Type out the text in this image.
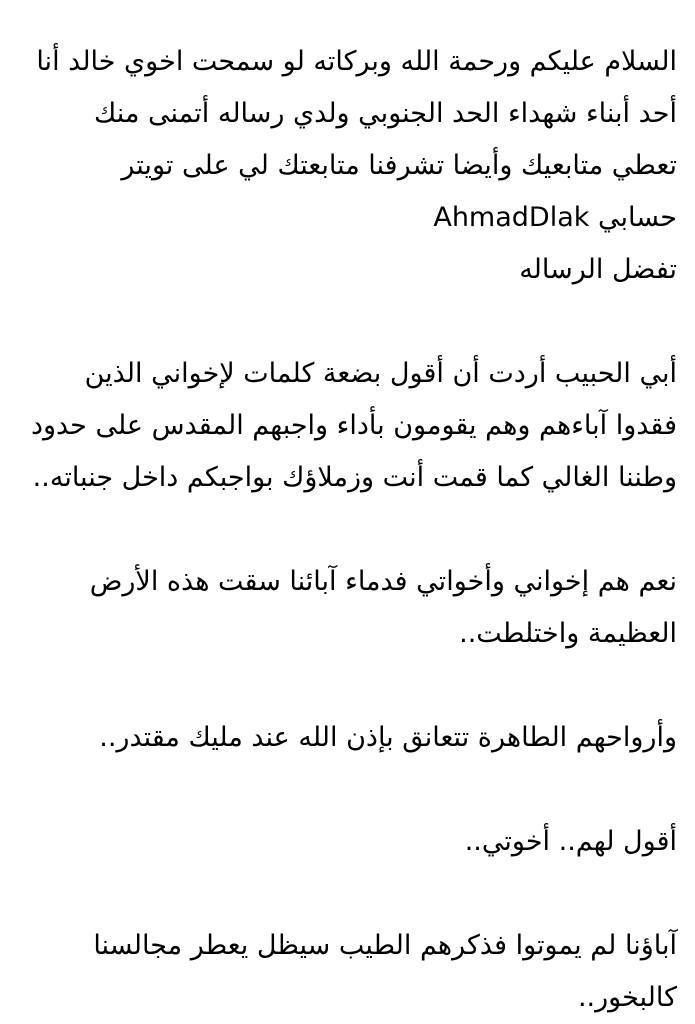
السلام عليكم ورحمة الله وبركاته لو سمحت اخوي خالد أنا
أحد أبناء شهداء الحد الجنوبي ولدي رساله أتمنى منك
تعطي متابعيك وأيضا تشرفنا متابعتك لي على تويتر
حسابي AhmadDlak
تفضل الرساله
أبي الحبيب أردت أن أقول بضعة كلمات لإخواني الذين
فقدوا آباءهم وهم يقومون بأداء واجبهم المقدس على حدود
وطننا الغالي كما قمت أنت وزملاؤك بواجبكم داخل جنباته..
نعم هم إخواني وأخواتي فدماء آبائنا سقت هذه الأرض
العظيمة واختلطت..
وأرواحهم الطاهرة تتعانق بإذن الله عند مليك مقتدر..
أقول لهم.. أخوتي..
آباؤنا لم يموتوا فذكرهم الطيب سيظل يعطر مجالسنا
كالبخور..
